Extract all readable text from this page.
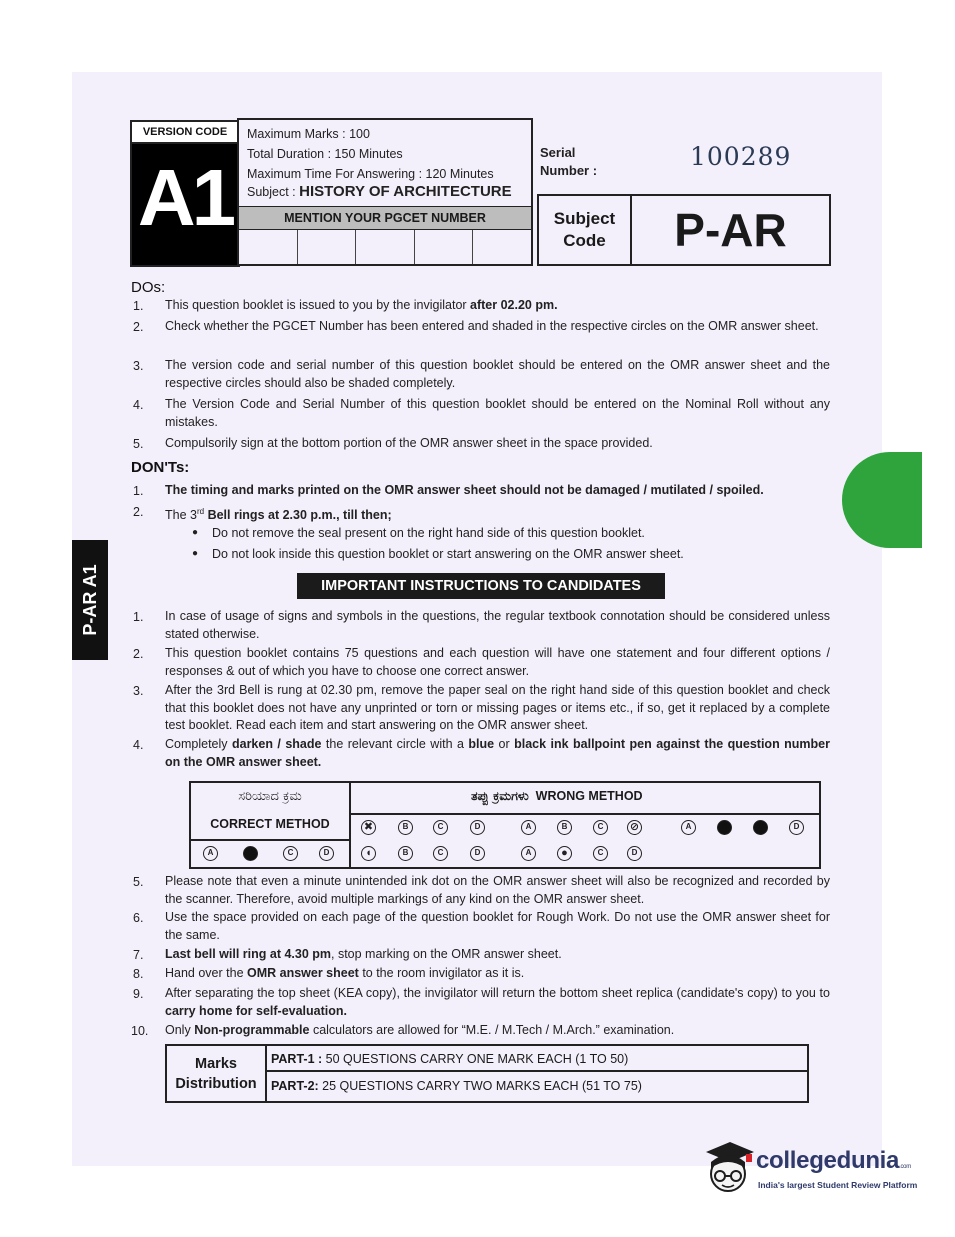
VERSION CODE
A1
Maximum Marks : 100
Total Duration : 150 Minutes
Maximum Time For Answering : 120 Minutes
Subject : HISTORY OF ARCHITECTURE
MENTION YOUR PGCET NUMBER
Serial
Number :	100289
Subject
Code	P-AR
DOs:
1. This question booklet is issued to you by the invigilator after 02.20 pm.
2. Check whether the PGCET Number has been entered and shaded in the respective circles on the OMR answer sheet.
3. The version code and serial number of this question booklet should be entered on the OMR answer sheet and the respective circles should also be shaded completely.
4. The Version Code and Serial Number of this question booklet should be entered on the Nominal Roll without any mistakes.
5. Compulsorily sign at the bottom portion of the OMR answer sheet in the space provided.
DON'Ts:
1. The timing and marks printed on the OMR answer sheet should not be damaged / mutilated / spoiled.
2. The 3rd Bell rings at 2.30 p.m., till then;
● Do not remove the seal present on the right hand side of this question booklet.
● Do not look inside this question booklet or start answering on the OMR answer sheet.
IMPORTANT INSTRUCTIONS TO CANDIDATES
1. In case of usage of signs and symbols in the questions, the regular textbook connotation should be considered unless stated otherwise.
2. This question booklet contains 75 questions and each question will have one statement and four different options / responses & out of which you have to choose one correct answer.
3. After the 3rd Bell is rung at 02.30 pm, remove the paper seal on the right hand side of this question booklet and check that this booklet does not have any unprinted or torn or missing pages or items etc., if so, get it replaced by a complete test booklet. Read each item and start answering on the OMR answer sheet.
4. Completely darken / shade the relevant circle with a blue or black ink ballpoint pen against the question number on the OMR answer sheet.
ಸರಿಯಾದ ಕ್ರಮ
CORRECT METHOD
ತಪ್ಪು ಕ್ರಮಗಳು WRONG METHOD
A	B	C	D
✖	B	C	D	A	B	C	⊘	A	B	C	D
◖	B	C	D	A	●	C	D
5. Please note that even a minute unintended ink dot on the OMR answer sheet will also be recognized and recorded by the scanner. Therefore, avoid multiple markings of any kind on the OMR answer sheet.
6. Use the space provided on each page of the question booklet for Rough Work. Do not use the OMR answer sheet for the same.
7. Last bell will ring at 4.30 pm, stop marking on the OMR answer sheet.
8. Hand over the OMR answer sheet to the room invigilator as it is.
9. After separating the top sheet (KEA copy), the invigilator will return the bottom sheet replica (candidate's copy) to you to carry home for self-evaluation.
10. Only Non-programmable calculators are allowed for “M.E. / M.Tech / M.Arch.” examination.
Marks
Distribution
PART-1 : 50 QUESTIONS CARRY ONE MARK EACH (1 TO 50)
PART-2: 25 QUESTIONS CARRY TWO MARKS EACH (51 TO 75)
P-AR A1
collegedunia.com
India's largest Student Review Platform
